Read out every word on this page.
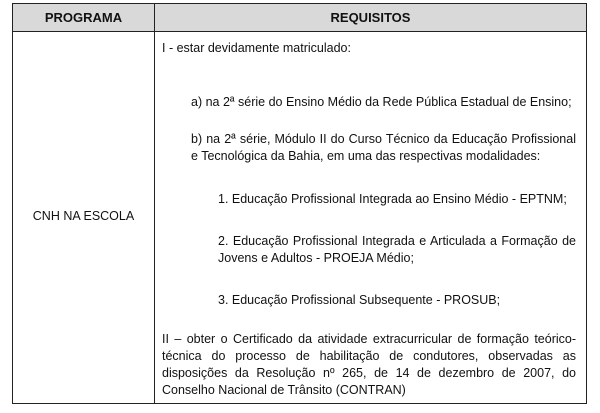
PROGRAMA	REQUISITOS
CNH NA ESCOLA
I - estar devidamente matriculado:
a) na 2ª série do Ensino Médio da Rede Pública Estadual de Ensino;
b) na 2ª série, Módulo II do Curso Técnico da Educação Profissional e Tecnológica da Bahia, em uma das respectivas modalidades:
1. Educação Profissional Integrada ao Ensino Médio - EPTNM;
2. Educação Profissional Integrada e Articulada a Formação de Jovens e Adultos - PROEJA Médio;
3. Educação Profissional Subsequente - PROSUB;
II – obter o Certificado da atividade extracurricular de formação teórico-técnica do processo de habilitação de condutores, observadas as disposições da Resolução nº 265, de 14 de dezembro de 2007, do Conselho Nacional de Trânsito (CONTRAN)
